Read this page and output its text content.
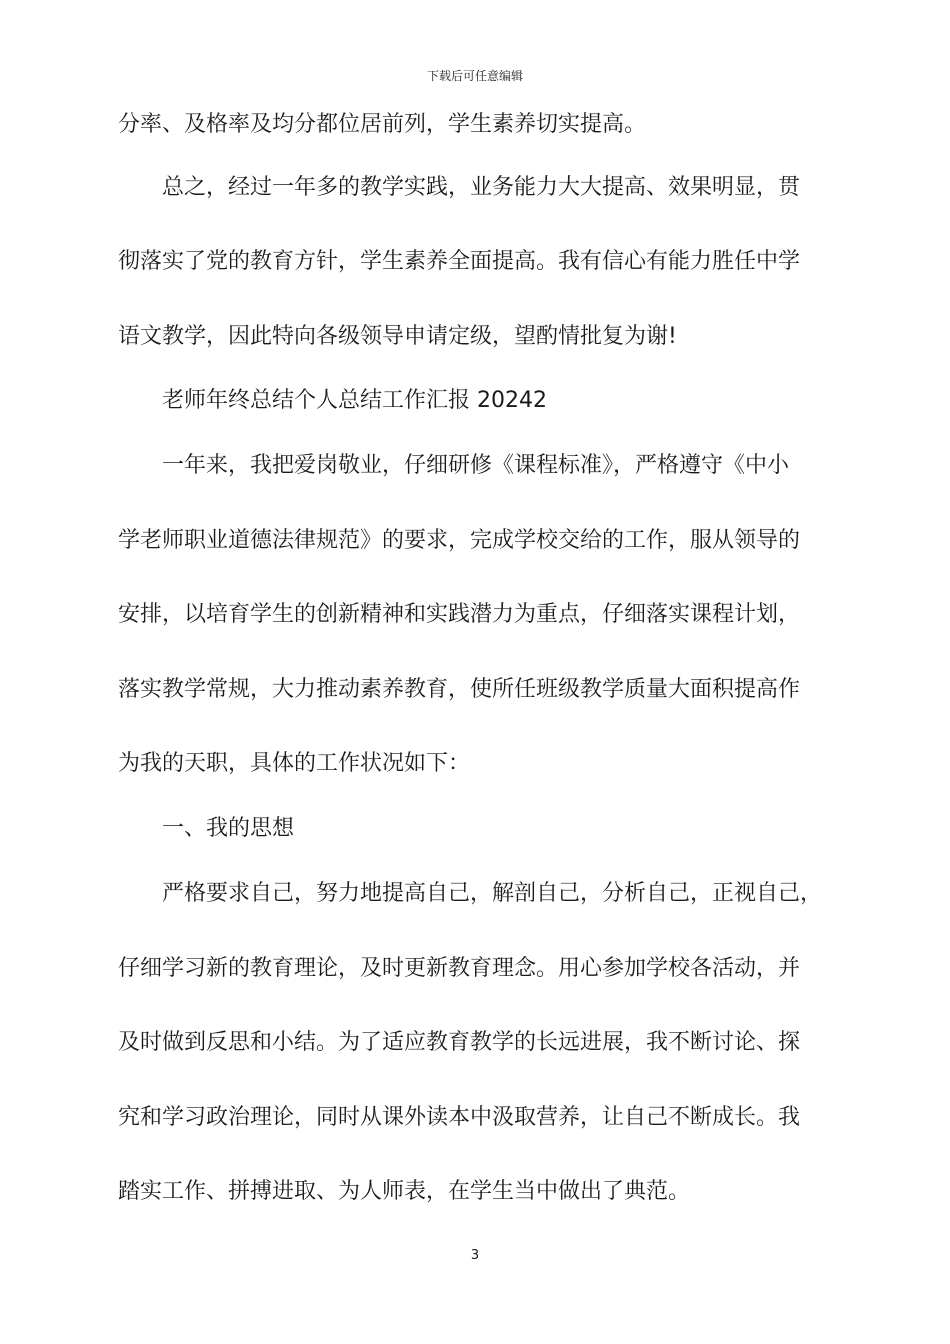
下载后可任意编辑
分率、及格率及均分都位居前列，学生素养切实提高。
总之，经过一年多的教学实践，业务能力大大提高、效果明显，贯
彻落实了党的教育方针，学生素养全面提高。我有信心有能力胜任中学
语文教学，因此特向各级领导申请定级，望酌情批复为谢!
老师年终总结个人总结工作汇报 20242
一年来，我把爱岗敬业，仔细研修《课程标准》，严格遵守《中小
学老师职业道德法律规范》的要求，完成学校交给的工作，服从领导的
安排，以培育学生的创新精神和实践潜力为重点，仔细落实课程计划，
落实教学常规，大力推动素养教育，使所任班级教学质量大面积提高作
为我的天职，具体的工作状况如下：
一、我的思想
严格要求自己，努力地提高自己，解剖自己，分析自己，正视自己，
仔细学习新的教育理论，及时更新教育理念。用心参加学校各活动，并
及时做到反思和小结。为了适应教育教学的长远进展，我不断讨论、探
究和学习政治理论，同时从课外读本中汲取营养，让自己不断成长。我
踏实工作、拼搏进取、为人师表，在学生当中做出了典范。
3
